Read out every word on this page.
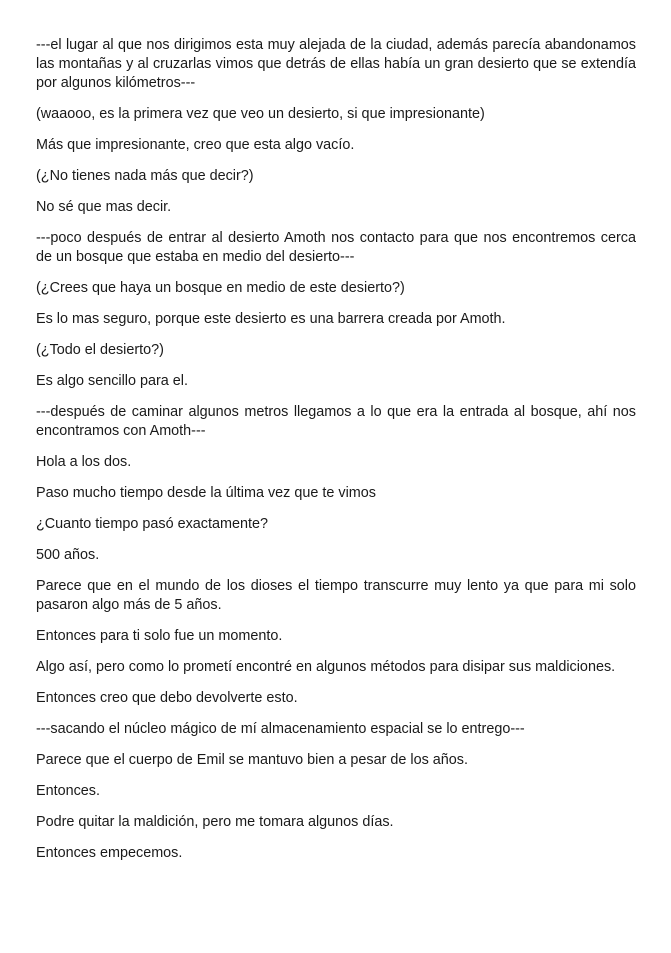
---el lugar al que nos dirigimos esta muy alejada de la ciudad, además parecía abandonamos las montañas y al cruzarlas vimos que detrás de ellas había un gran desierto que se extendía por algunos kilómetros---

(waaooo, es la primera vez que veo un desierto, si que impresionante)

Más que impresionante, creo que esta algo vacío.

(¿No tienes nada más que decir?)

No sé que mas decir.

---poco después de entrar al desierto Amoth nos contacto para que nos encontremos cerca de un bosque que estaba en medio del desierto---

(¿Crees que haya un bosque en medio de este desierto?)

Es lo mas seguro, porque este desierto es una barrera creada por Amoth.

(¿Todo el desierto?)

Es algo sencillo para el.

---después de caminar algunos metros llegamos a lo que era la entrada al bosque, ahí nos encontramos con Amoth---

Hola a los dos.

Paso mucho tiempo desde la última vez que te vimos

¿Cuanto tiempo pasó exactamente?

500 años.

Parece que en el mundo de los dioses el tiempo transcurre muy lento ya que para mi solo pasaron algo más de 5 años.

Entonces para ti solo fue un momento.

Algo así, pero como lo prometí encontré en algunos métodos para disipar sus maldiciones.

Entonces creo que debo devolverte esto.

---sacando el núcleo mágico de mí almacenamiento espacial se lo entrego---

Parece que el cuerpo de Emil se mantuvo bien a pesar de los años.

Entonces.

Podre quitar la maldición, pero me tomara algunos días.

Entonces empecemos.
